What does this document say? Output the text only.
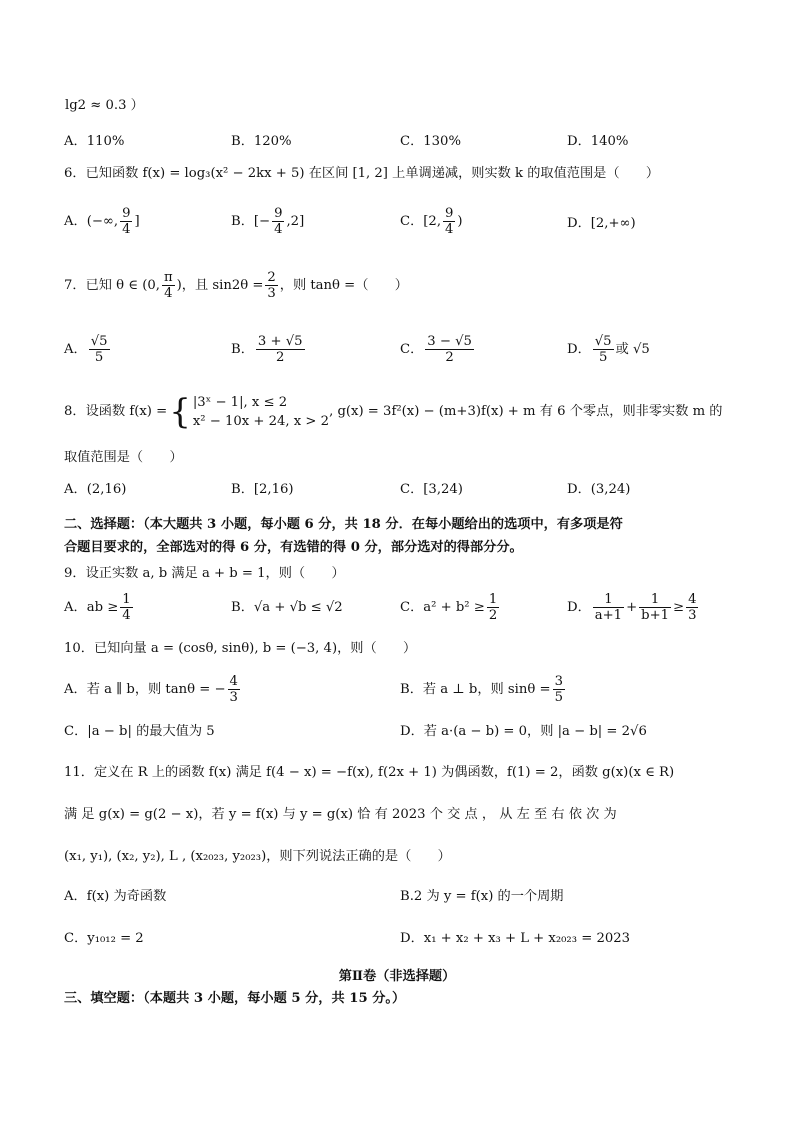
lg2 ≈ 0.3 ）
A．110%	B．120%	C．130%	D．140%
6．已知函数 f(x) = log₃(x² − 2kx + 5) 在区间 [1, 2] 上单调递减，则实数 k 的取值范围是（　　）
A．(−∞, $\frac{9}{4}$ ]	B．[− $\frac{9}{4} ,2$]	C．[2, $\frac{9}{4}$ )	D．[2,+∞)
7．已知 θ ∈ (0, $\frac{\pi}{4}$ )，且 $\sin 2\theta = \frac{2}{3}$ ，则 tanθ =（　　）
A． $\frac{√5}{5}$	B． $\frac{3 + √5}{2}$	C． $\frac{3 - √5}{2}$	D． $\frac{√5}{5}$ 或 √5
8．设函数 f(x) = { |3ˣ − 1|, x ≤ 2
x² − 10x + 24, x > 2
, g(x) = 3f²(x) − (m+3)f(x) + m 有 6 个零点，则非零实数 m 的
取值范围是（　　）
A．(2,16)	B．[2,16)	C．[3,24)	D．(3,24)
二、选择题：（本大题共 3 小题，每小题 6 分，共 18 分．在每小题给出的选项中，有多项是符
合题目要求的，全部选对的得 6 分，有选错的得 0 分，部分选对的得部分分。
9．设正实数 a, b 满足 a + b = 1，则（　　）
A．ab ≥ $\frac{1}{4}$	B．√a + √b ≤ √2	C．$a^2 + b^2 \ge \frac{1}{2}$	D． $\frac{1}{a+1} + \frac{1}{b+1} \ge \frac{4}{3}$
10．已知向量 a = (cosθ, sinθ), b = (−3, 4)，则（　　）
A．若 a ∥ b，则 tanθ = − $\frac{4}{3}$	B．若 a ⊥ b，则 $\sin\theta = \frac{3}{5}$
C．|a − b| 的最大值为 5	D．若 a·(a − b) = 0，则 |a − b| = 2√6
11．定义在 R 上的函数 f(x) 满足 f(4 − x) = −f(x), f(2x + 1) 为偶函数，f(1) = 2，函数 g(x)(x ∈ R)
满 足 g(x) = g(2 − x)，若 y = f(x) 与 y = g(x) 恰 有 2023 个 交 点 ， 从 左 至 右 依 次 为
(x₁, y₁), (x₂, y₂), L , (x₂₀₂₃, y₂₀₂₃)，则下列说法正确的是（　　）
A．f(x) 为奇函数	B.2 为 y = f(x) 的一个周期
C．y₁₀₁₂ = 2	D．x₁ + x₂ + x₃ + L + x₂₀₂₃ = 2023
第Ⅱ卷（非选择题）
三、填空题：（本题共 3 小题，每小题 5 分，共 15 分。）
